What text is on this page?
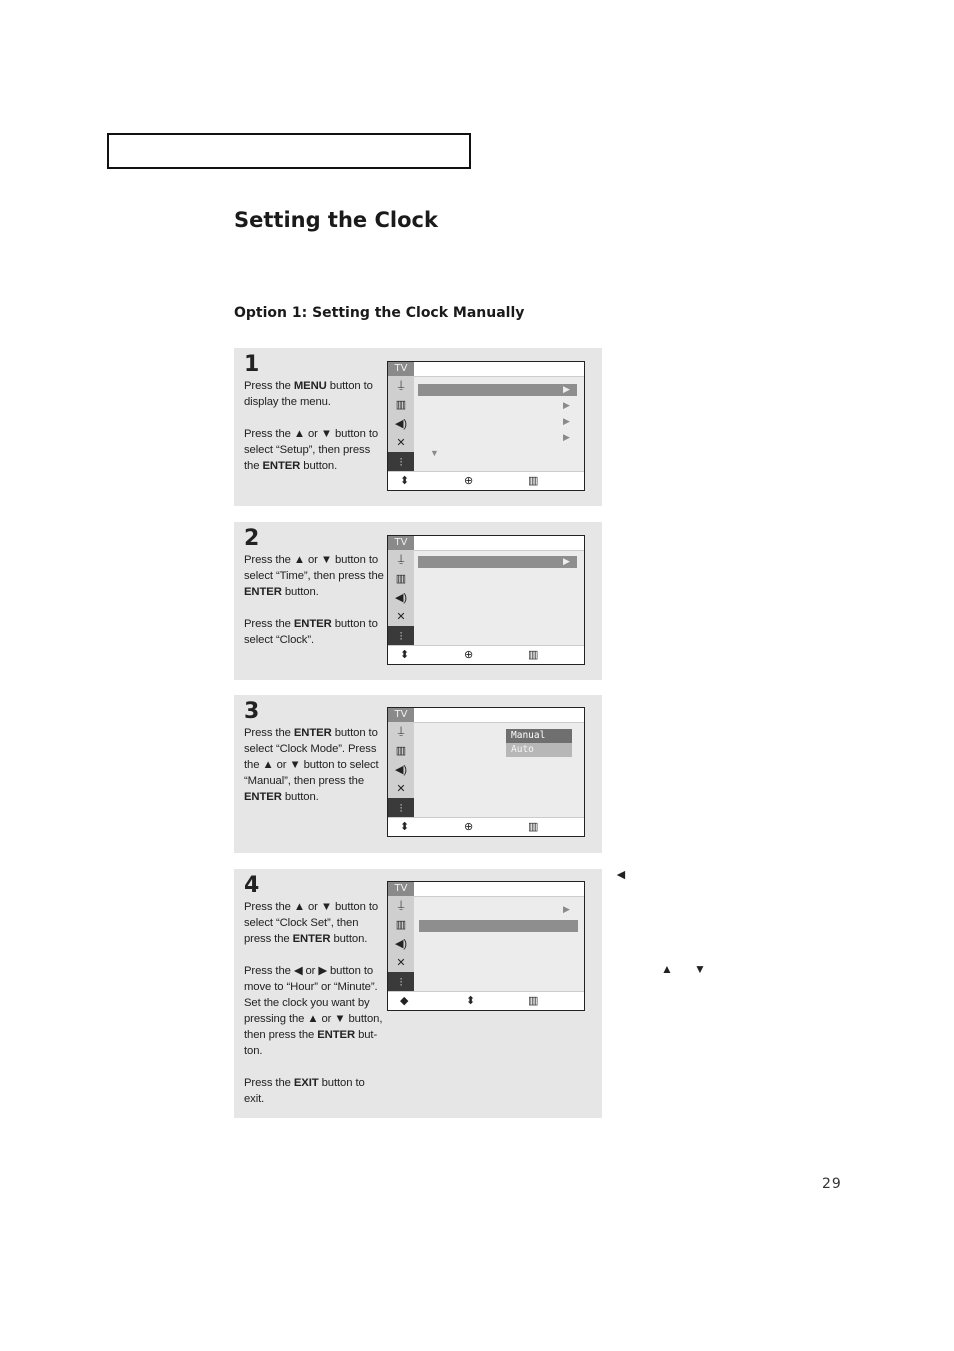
Setting the Clock
Option 1: Setting the Clock Manually
1

Press the MENU button to display the menu.

Press the ▲ or ▼ button to select “Setup”, then press the ENTER button.

TV
⍊
▥
◀)
✕
⫶
▶
▶
▶
▶
▼
⬍	⊕	▥
2

Press the ▲ or ▼ button to select “Time”, then press the ENTER button.

Press the ENTER button to select “Clock”.

TV
⍊
▥
◀)
✕
⫶
▶
⬍	⊕	▥
3

Press the ENTER button to select “Clock Mode”. Press the ▲ or ▼ button to select “Manual”, then press the ENTER button.

TV
⍊
▥
◀)
✕
⫶
Manual
Auto
⬍	⊕	▥
4

Press the ▲ or ▼ button to select “Clock Set”, then press the ENTER button.

Press the ◀ or ▶ button to move to “Hour” or “Minute”. Set the clock you want by pressing the ▲ or ▼ button, then press the ENTER but-ton.

Press the EXIT button to exit.

TV
⍊
▥
◀)
✕
⫶
▶
◆	⬍	▥
◄
▲ ▼
29
